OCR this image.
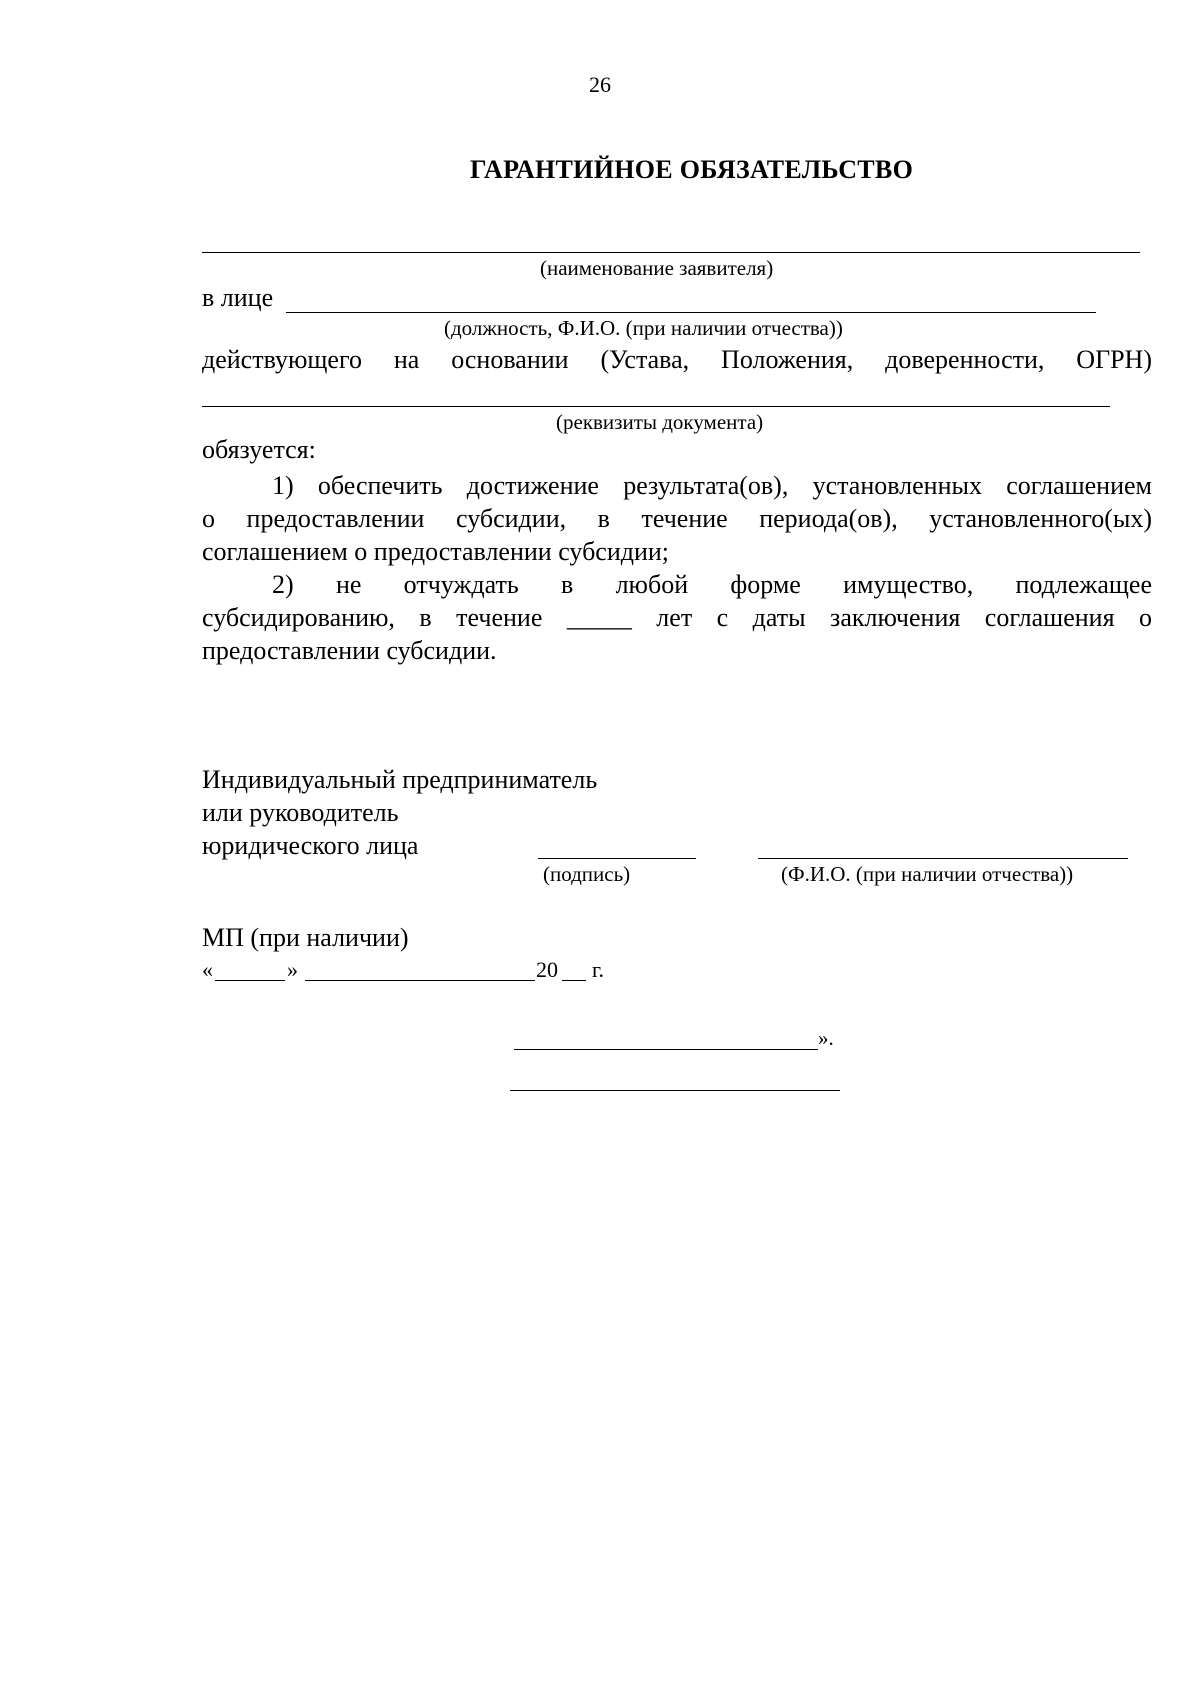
26
ГАРАНТИЙНОЕ ОБЯЗАТЕЛЬСТВО
(наименование заявителя)
в лице
(должность, Ф.И.О. (при наличии отчества))
действующего на основании (Устава, Положения, доверенности, ОГРН)
(реквизиты документа)
обязуется:
1) обеспечить достижение результата(ов), установленных соглашением
о предоставлении субсидии, в течение периода(ов), установленного(ых)
соглашением о предоставлении субсидии;
2) не отчуждать в любой форме имущество, подлежащее
субсидированию, в течение _____ лет с даты заключения соглашения о
предоставлении субсидии.
Индивидуальный предприниматель
или руководитель
юридического лица
(подпись)	(Ф.И.О. (при наличии отчества))
МП (при наличии)
«	»	20 г.
».
